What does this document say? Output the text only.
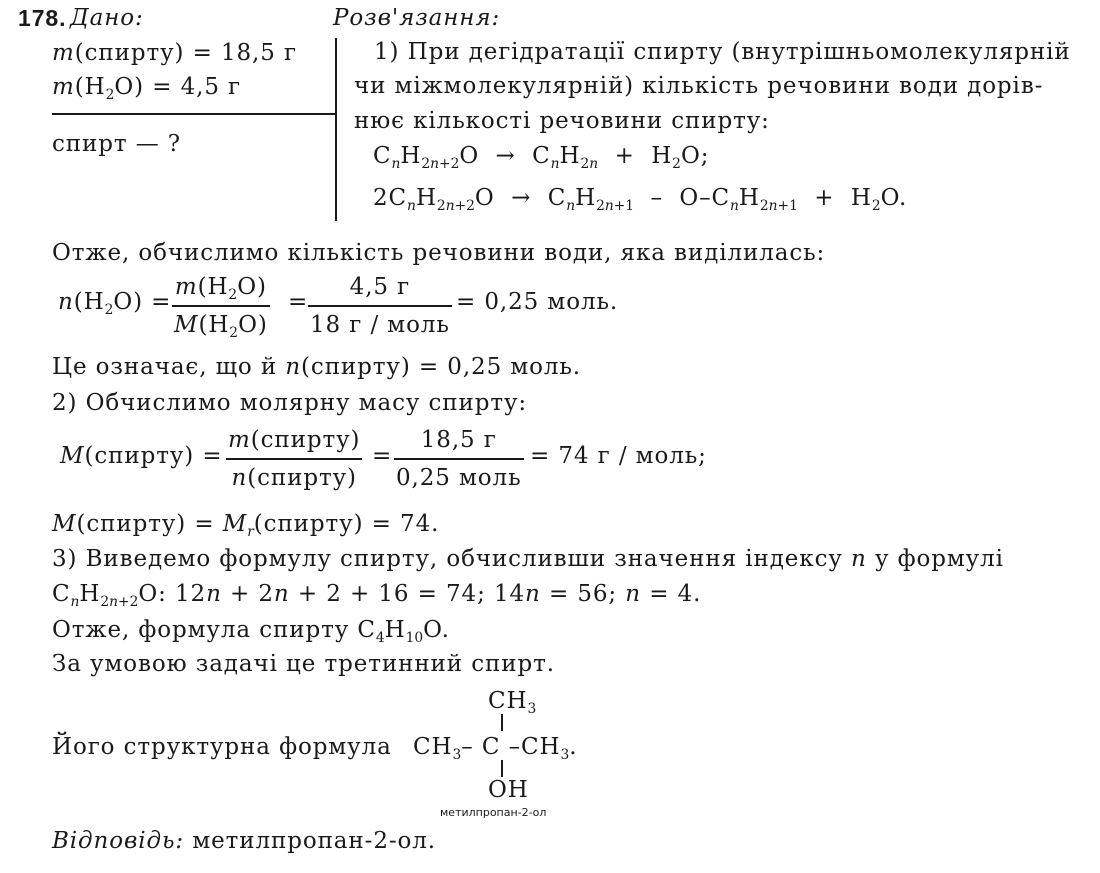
178. Дано:	Розв'язання:
m(спирту) = 18,5 г
$m(H_2O) = 4,5$ г
спирт — ?
1) При дегідратації спирту (внутрішньомолекулярній
чи міжмолекулярній) кількість речовини води дорів-
нює кількості речовини спирту:
$C_nH_{2n+2}O \to C_nH_{2n} + H_2O$;
$2C_nH_{2n+2}O \to C_nH_{2n+1} - O-C_nH_{2n+1} + H_2O$.
Отже, обчислимо кількість речовини води, яка виділилась:
$n(H_2O)$ =
$m(H_2O)$
$M(H_2O)$
=
4,5 г
18 г / моль
= 0,25 моль.
Це означає, що й n(спирту) = 0,25 моль.
2) Обчислимо молярну масу спирту:
M(спирту) =
m(спирту)
n(спирту)
=
18,5 г
0,25 моль
= 74 г / моль;
M(спирту) = $M_r(спирту) = 74$.
3) Виведемо формулу спирту, обчисливши значення індексу n у формулі
$C_nH_{2n+2}O$: 12n + 2n + 2 + 16 = 74; 14n = 56; n = 4.
Отже, формула спирту $C_4H_{10}O$.
За умовою задачі це третинний спирт.
Його структурна формула
$CH_3$
$CH_3-$ C $-CH_3$.
OH
метилпропан-2-ол
Відповідь: метилпропан-2-ол.
